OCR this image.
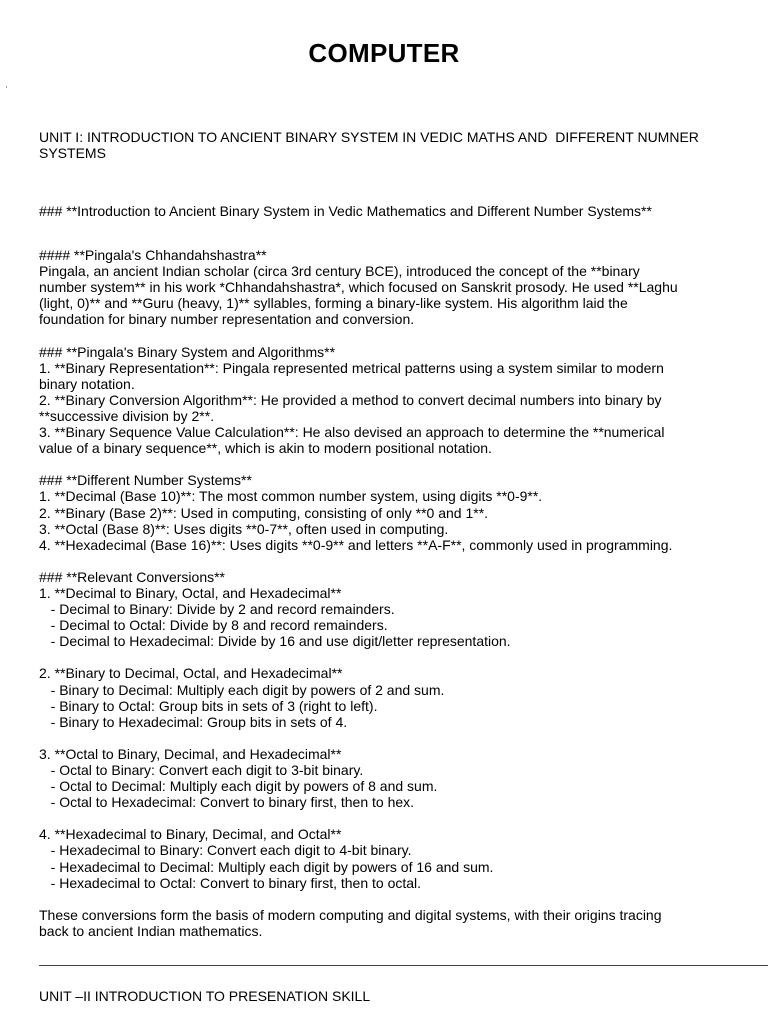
COMPUTER
UNIT I: INTRODUCTION TO ANCIENT BINARY SYSTEM IN VEDIC MATHS AND  DIFFERENT NUMNER
SYSTEMS

### **Introduction to Ancient Binary System in Vedic Mathematics and Different Number Systems**

#### **Pingala's Chhandahshastra**
Pingala, an ancient Indian scholar (circa 3rd century BCE), introduced the concept of the **binary
number system** in his work *Chhandahshastra*, which focused on Sanskrit prosody. He used **Laghu
(light, 0)** and **Guru (heavy, 1)** syllables, forming a binary-like system. His algorithm laid the
foundation for binary number representation and conversion.
### **Pingala's Binary System and Algorithms**
1. **Binary Representation**: Pingala represented metrical patterns using a system similar to modern
binary notation.
2. **Binary Conversion Algorithm**: He provided a method to convert decimal numbers into binary by
**successive division by 2**.
3. **Binary Sequence Value Calculation**: He also devised an approach to determine the **numerical
value of a binary sequence**, which is akin to modern positional notation.
### **Different Number Systems**
1. **Decimal (Base 10)**: The most common number system, using digits **0-9**.
2. **Binary (Base 2)**: Used in computing, consisting of only **0 and 1**.
3. **Octal (Base 8)**: Uses digits **0-7**, often used in computing.
4. **Hexadecimal (Base 16)**: Uses digits **0-9** and letters **A-F**, commonly used in programming.
### **Relevant Conversions**
1. **Decimal to Binary, Octal, and Hexadecimal**
- Decimal to Binary: Divide by 2 and record remainders.
- Decimal to Octal: Divide by 8 and record remainders.
- Decimal to Hexadecimal: Divide by 16 and use digit/letter representation.
2. **Binary to Decimal, Octal, and Hexadecimal**
- Binary to Decimal: Multiply each digit by powers of 2 and sum.
- Binary to Octal: Group bits in sets of 3 (right to left).
- Binary to Hexadecimal: Group bits in sets of 4.
3. **Octal to Binary, Decimal, and Hexadecimal**
- Octal to Binary: Convert each digit to 3-bit binary.
- Octal to Decimal: Multiply each digit by powers of 8 and sum.
- Octal to Hexadecimal: Convert to binary first, then to hex.
4. **Hexadecimal to Binary, Decimal, and Octal**
- Hexadecimal to Binary: Convert each digit to 4-bit binary.
- Hexadecimal to Decimal: Multiply each digit by powers of 16 and sum.
- Hexadecimal to Octal: Convert to binary first, then to octal.
These conversions form the basis of modern computing and digital systems, with their origins tracing
back to ancient Indian mathematics.

UNIT –II INTRODUCTION TO PRESENATION SKILL
